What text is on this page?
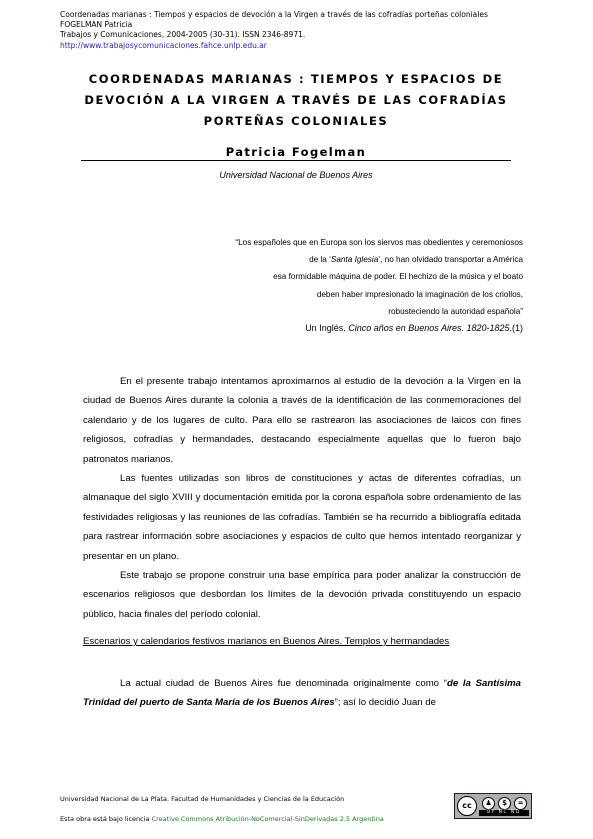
Coordenadas marianas : Tiempos y espacios de devoción a la Virgen a través de las cofradías porteñas coloniales
FOGELMAN Patricia
Trabajos y Comunicaciones, 2004-2005 (30-31). ISSN 2346-8971.
http://www.trabajosycomunicaciones.fahce.unlp.edu.ar
COORDENADAS MARIANAS : TIEMPOS Y ESPACIOS DE
DEVOCIÓN A LA VIRGEN A TRAVÉS DE LAS COFRADÍAS
PORTEÑAS COLONIALES
Patricia Fogelman
Universidad Nacional de Buenos Aires
“Los españoles que en Europa son los siervos mas obedientes y ceremoniosos
de la ‘Santa Iglesia’, no han olvidado transportar a América
esa formidable máquina de poder. El hechizo de la música y el boato
deben haber impresionado la imaginación de los criollos,
robusteciendo la autoridad española”
Un Inglés. Cinco años en Buenos Aires. 1820-1825.(1)

En el presente trabajo intentamos aproximarnos al estudio de la devoción a la Virgen en la ciudad de Buenos Aires durante la colonia a través de la identificación de las conmemoraciones del calendario y de los lugares de culto. Para ello se rastrearon las asociaciones de laicos con fines religiosos, cofradías y hermandades, destacando especialmente aquellas que lo fueron bajo patronatos marianos.

Las fuentes utilizadas son libros de constituciones y actas de diferentes cofradías, un almanaque del siglo XVIII y documentación emitida por la corona española sobre ordenamiento de las festividades religiosas y las reuniones de las cofradías. También se ha recurrido a bibliografía editada para rastrear información sobre asociaciones y espacios de culto que hemos intentado reorganizar y presentar en un plano.

Este trabajo se propone construir una base empírica para poder analizar la construcción de escenarios religiosos que desbordan los límites de la devoción privada constituyendo un espacio público, hacia finales del período colonial.

Escenarios y calendarios festivos marianos en Buenos Aires. Templos y hermandades

La actual ciudad de Buenos Aires fue denominada originalmente como “de la Santísima Trinidad del puerto de Santa María de los Buenos Aires”; así lo decidió Juan de

Universidad Nacional de La Plata. Facultad de Humanidades y Ciencias de la Educación
Esta obra está bajo licencia Creative Commons Atribución-NoComercial-SinDerivadas 2.5 Argentina
cc	♟	$	=
BY NC ND
